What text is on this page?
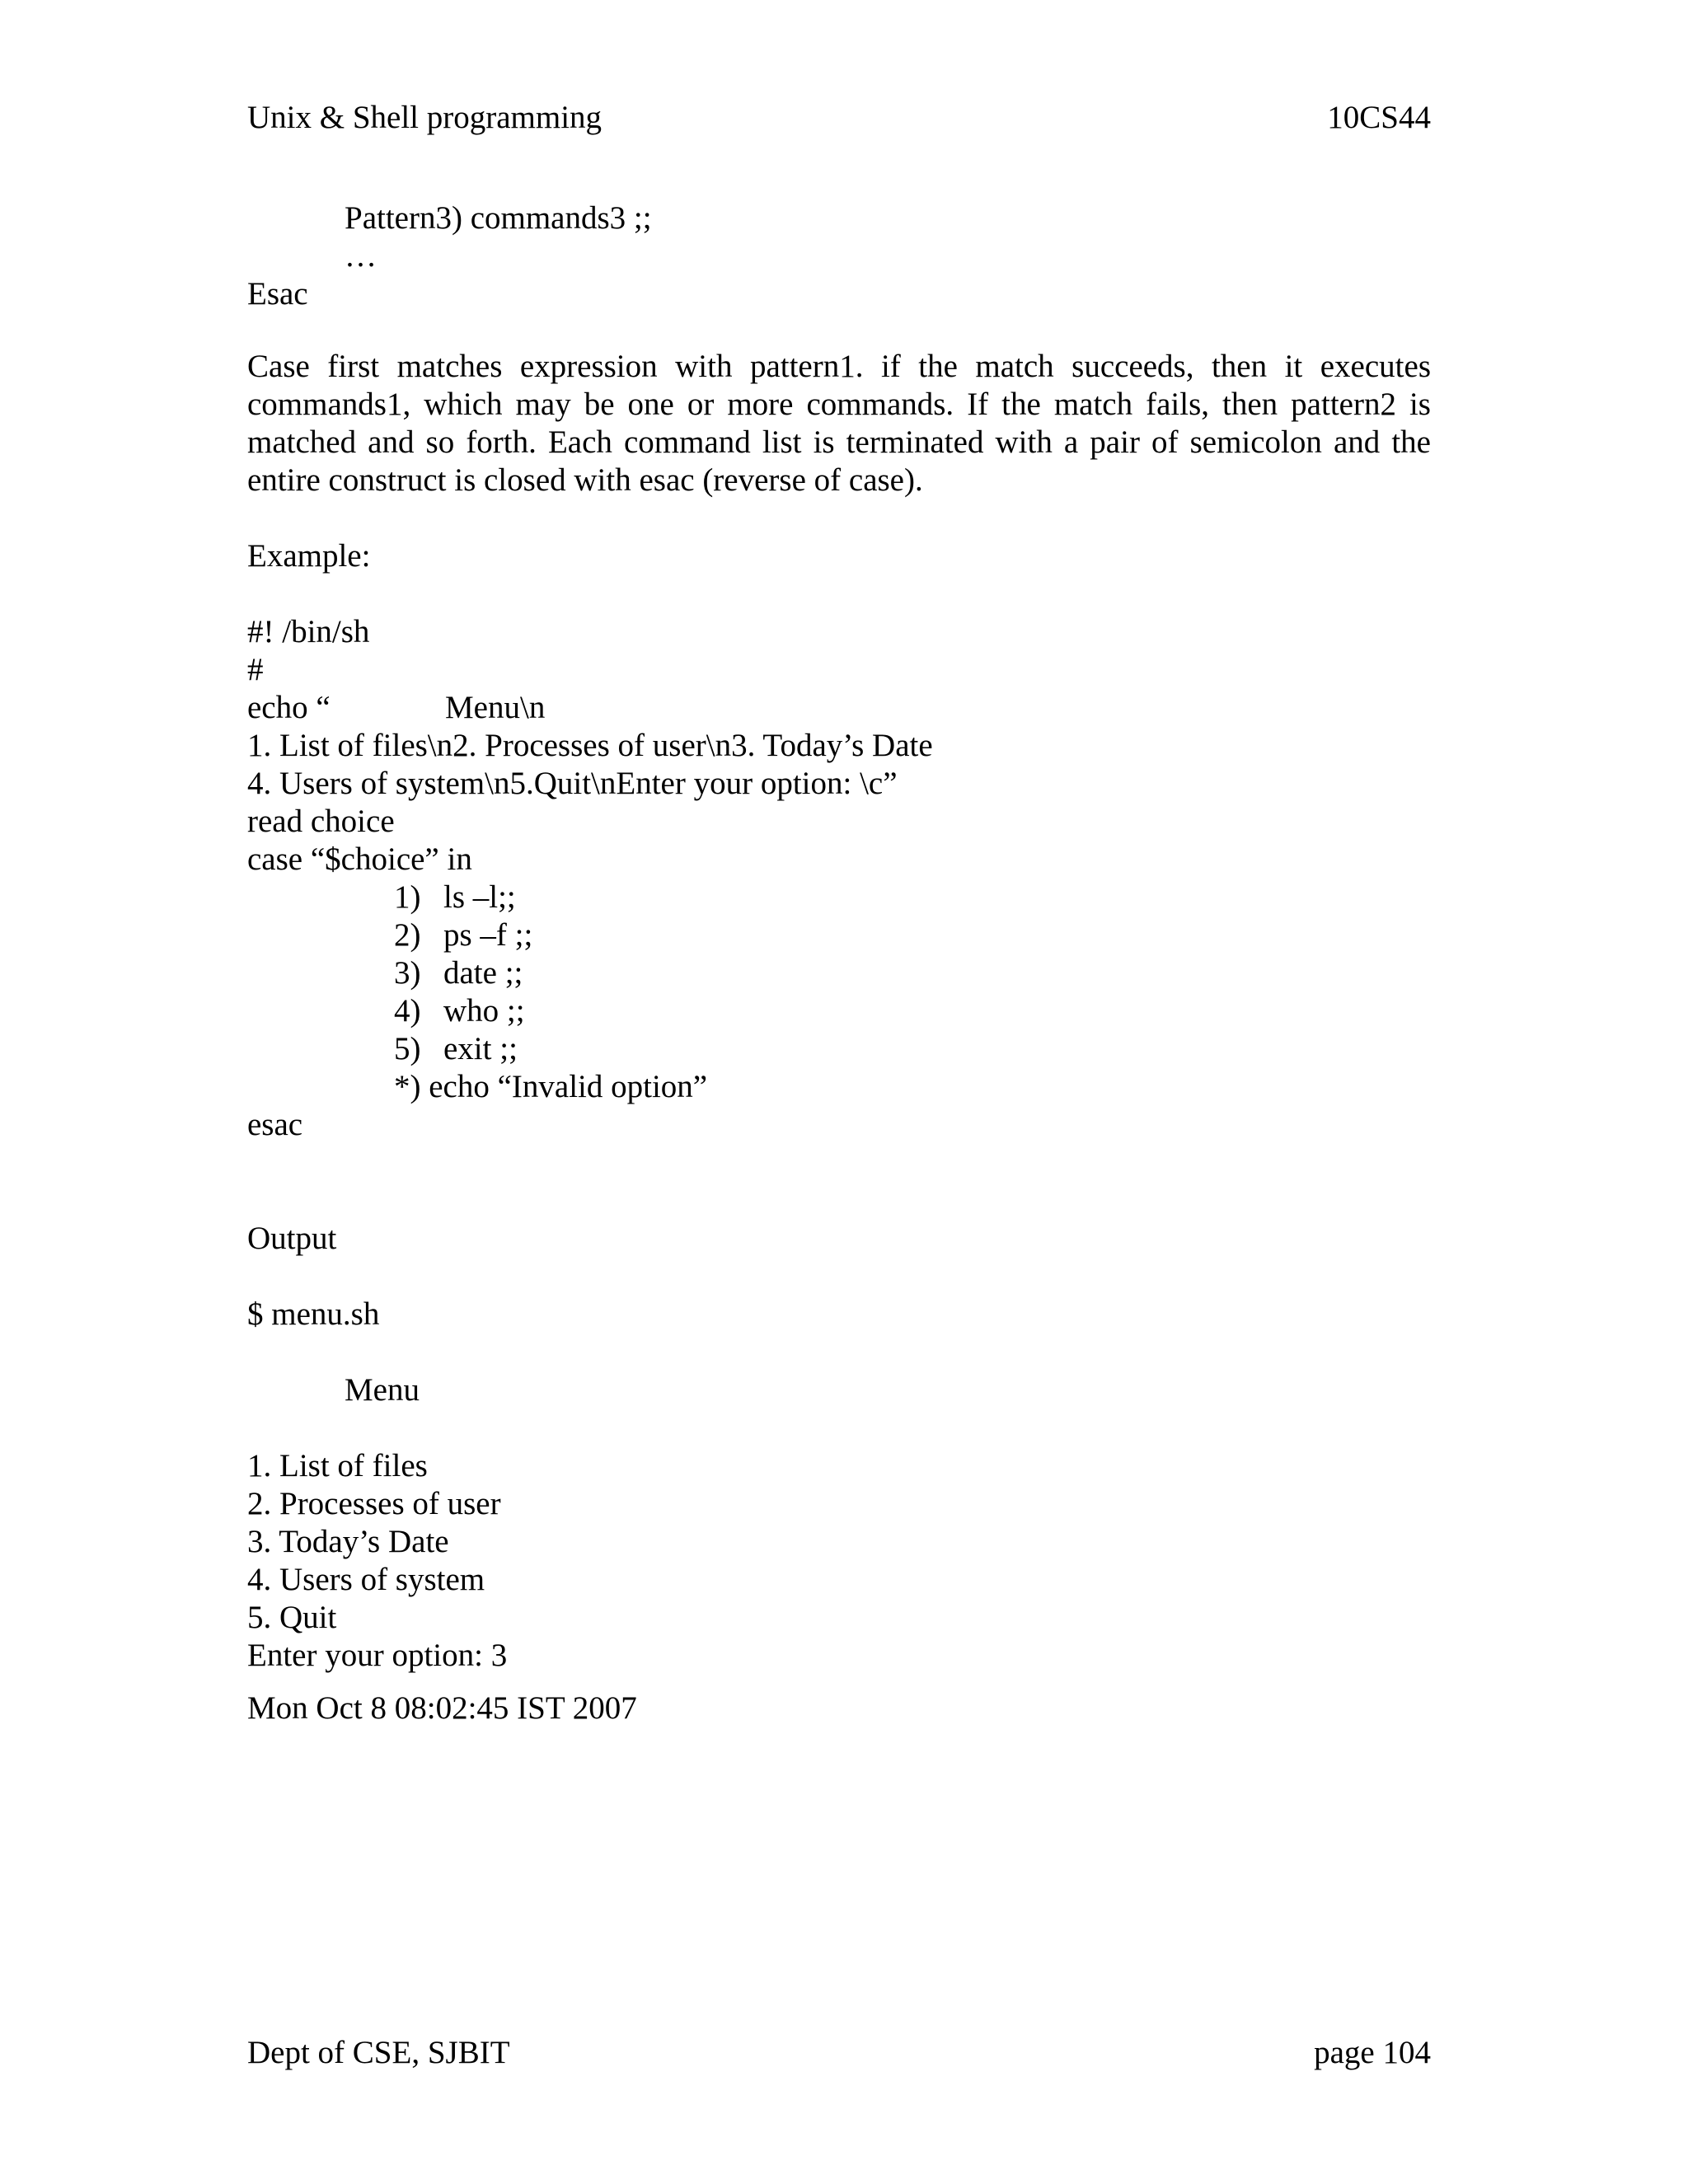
Unix & Shell programming	10CS44
Pattern3) commands3 ;;
…
Esac
Case first matches expression with pattern1. if the match succeeds, then it executes commands1, which may be one or more commands. If the match fails, then pattern2 is matched and so forth. Each command list is terminated with a pair of semicolon and the entire construct is closed with esac (reverse of case).
Example:
#! /bin/sh
#
echo “	Menu\n
1. List of files\n2. Processes of user\n3. Today’s Date
4. Users of system\n5.Quit\nEnter your option: \c”
read choice
case “$choice” in
1) ls –l;;
2) ps –f ;;
3) date ;;
4) who ;;
5) exit ;;
*) echo “Invalid option”
esac
Output
$ menu.sh
Menu
1. List of files
2. Processes of user
3. Today’s Date
4. Users of system
5. Quit
Enter your option: 3
Mon Oct 8 08:02:45 IST 2007
Dept of CSE, SJBIT	page 104
